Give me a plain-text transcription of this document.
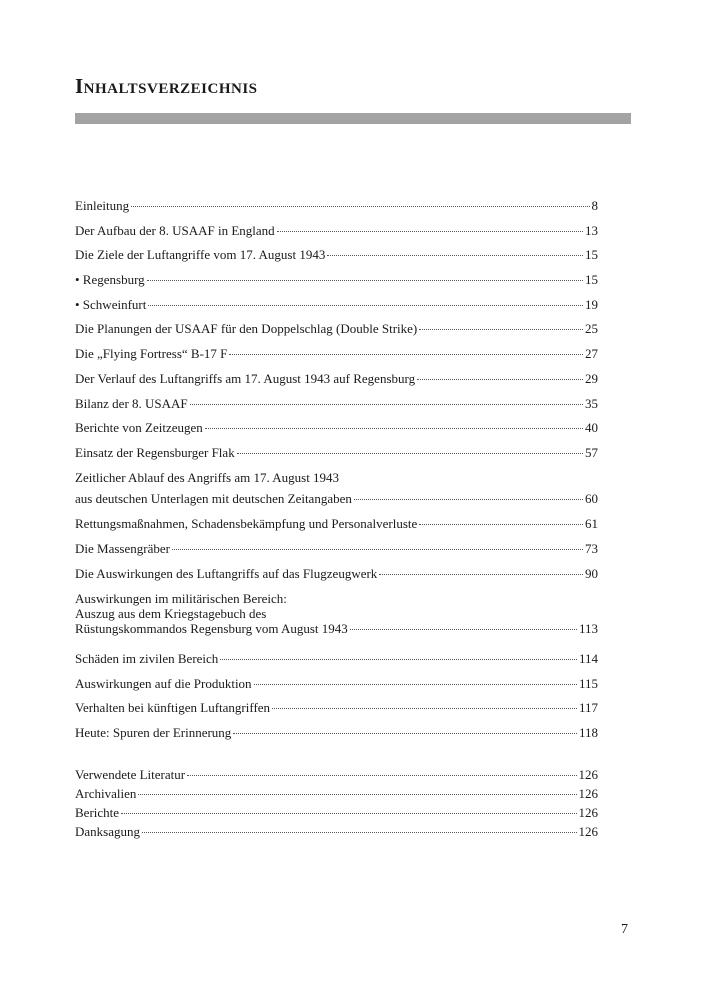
Inhaltsverzeichnis
Einleitung	8
Der Aufbau der 8. USAAF in England	13
Die Ziele der Luftangriffe vom 17. August 1943	15
• Regensburg	15
• Schweinfurt	19
Die Planungen der USAAF für den Doppelschlag (Double Strike)	25
Die „Flying Fortress“ B-17 F	27
Der Verlauf des Luftangriffs am 17. August 1943 auf Regensburg	29
Bilanz der 8. USAAF	35
Berichte von Zeitzeugen	40
Einsatz der Regensburger Flak	57
Zeitlicher Ablauf des Angriffs am 17. August 1943
aus deutschen Unterlagen mit deutschen Zeitangaben	60
Rettungsmaßnahmen, Schadensbekämpfung und Personalverluste	61
Die Massengräber	73
Die Auswirkungen des Luftangriffs auf das Flugzeugwerk	90
Auswirkungen im militärischen Bereich:
Auszug aus dem Kriegstagebuch des
Rüstungskommandos Regensburg vom August 1943	113
Schäden im zivilen Bereich	114
Auswirkungen auf die Produktion	115
Verhalten bei künftigen Luftangriffen	117
Heute: Spuren der Erinnerung	118
Verwendete Literatur	126
Archivalien	126
Berichte	126
Danksagung	126
7
